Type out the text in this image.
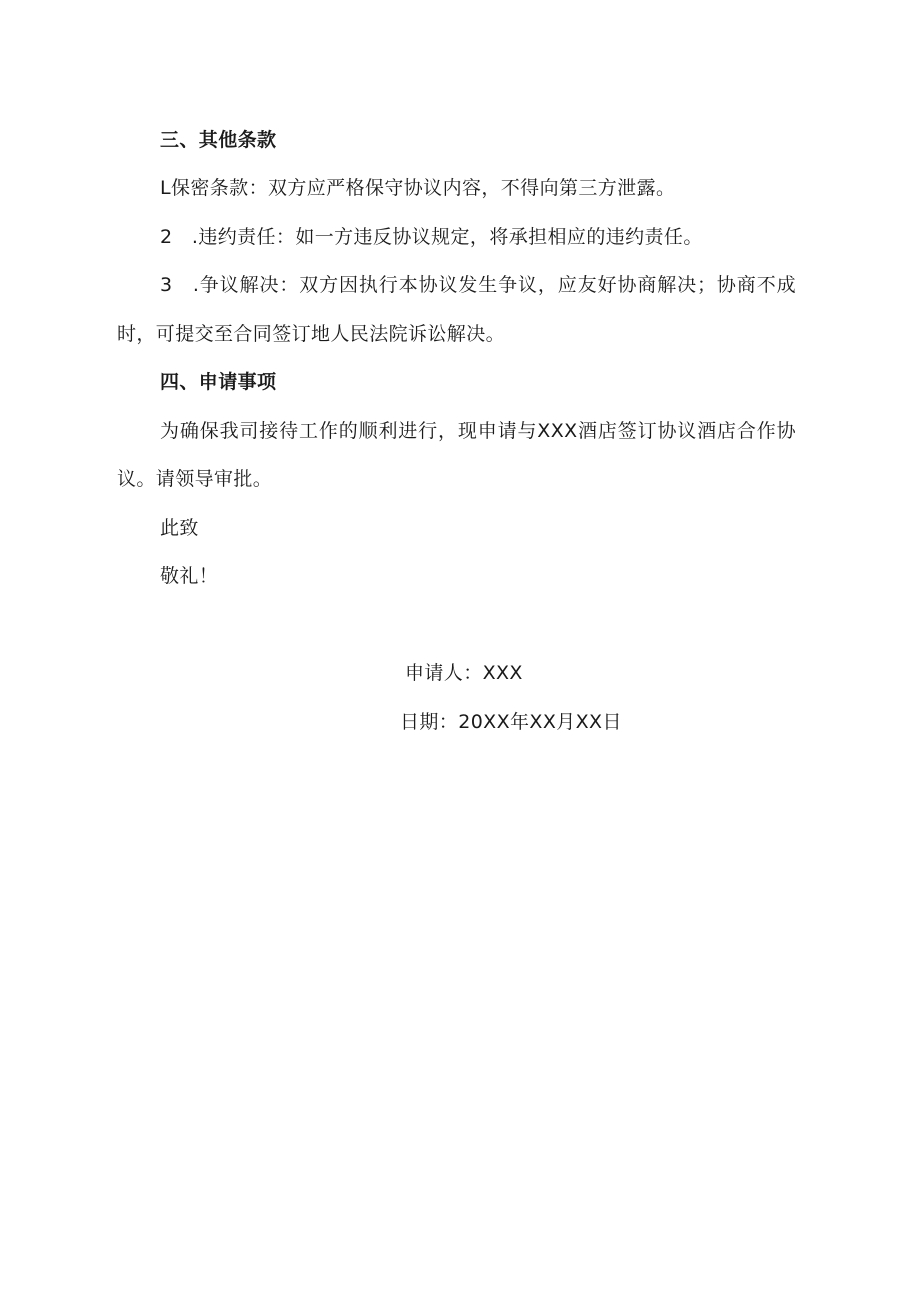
三、其他条款
L保密条款：双方应严格保守协议内容，不得向第三方泄露。
2　.违约责任：如一方违反协议规定，将承担相应的违约责任。
3　.争议解决：双方因执行本协议发生争议，应友好协商解决；协商不成
时，可提交至合同签订地人民法院诉讼解决。
四、申请事项
为确保我司接待工作的顺利进行，现申请与XXX酒店签订协议酒店合作协
议。请领导审批。
此致
敬礼！
申请人：XXX
日期：20XX年XX月XX日
